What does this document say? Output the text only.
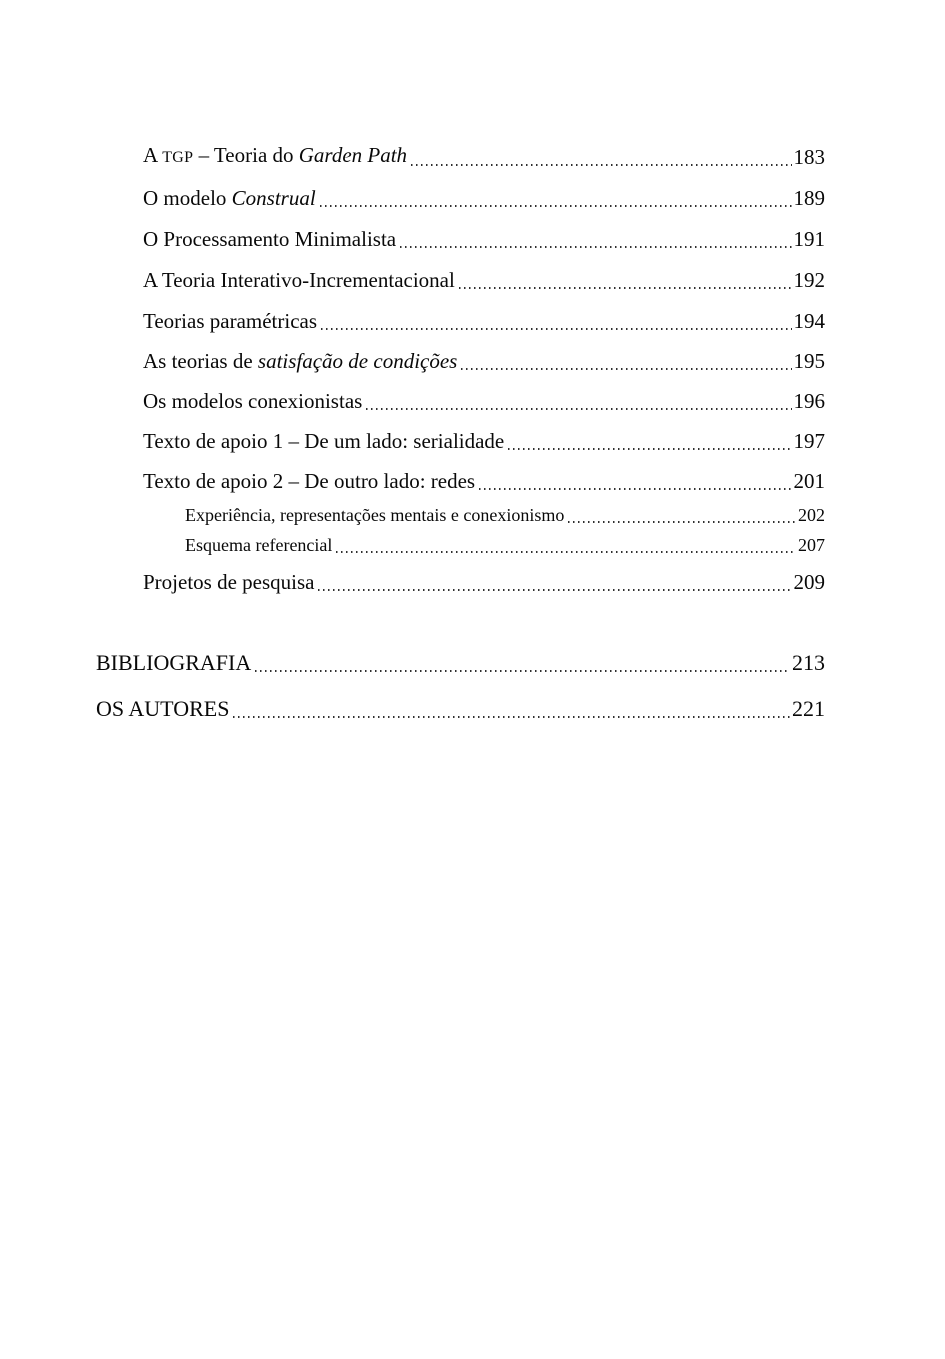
A TGP – Teoria do Garden Path	183
O modelo Construal	189
O Processamento Minimalista	191
A Teoria Interativo-Incrementacional	192
Teorias paramétricas	194
As teorias de satisfação de condições	195
Os modelos conexionistas	196
Texto de apoio 1 – De um lado: serialidade	197
Texto de apoio 2 – De outro lado: redes	201
Experiência, representações mentais e conexionismo	202
Esquema referencial	207
Projetos de pesquisa	209
BIBLIOGRAFIA	213
OS AUTORES	221
